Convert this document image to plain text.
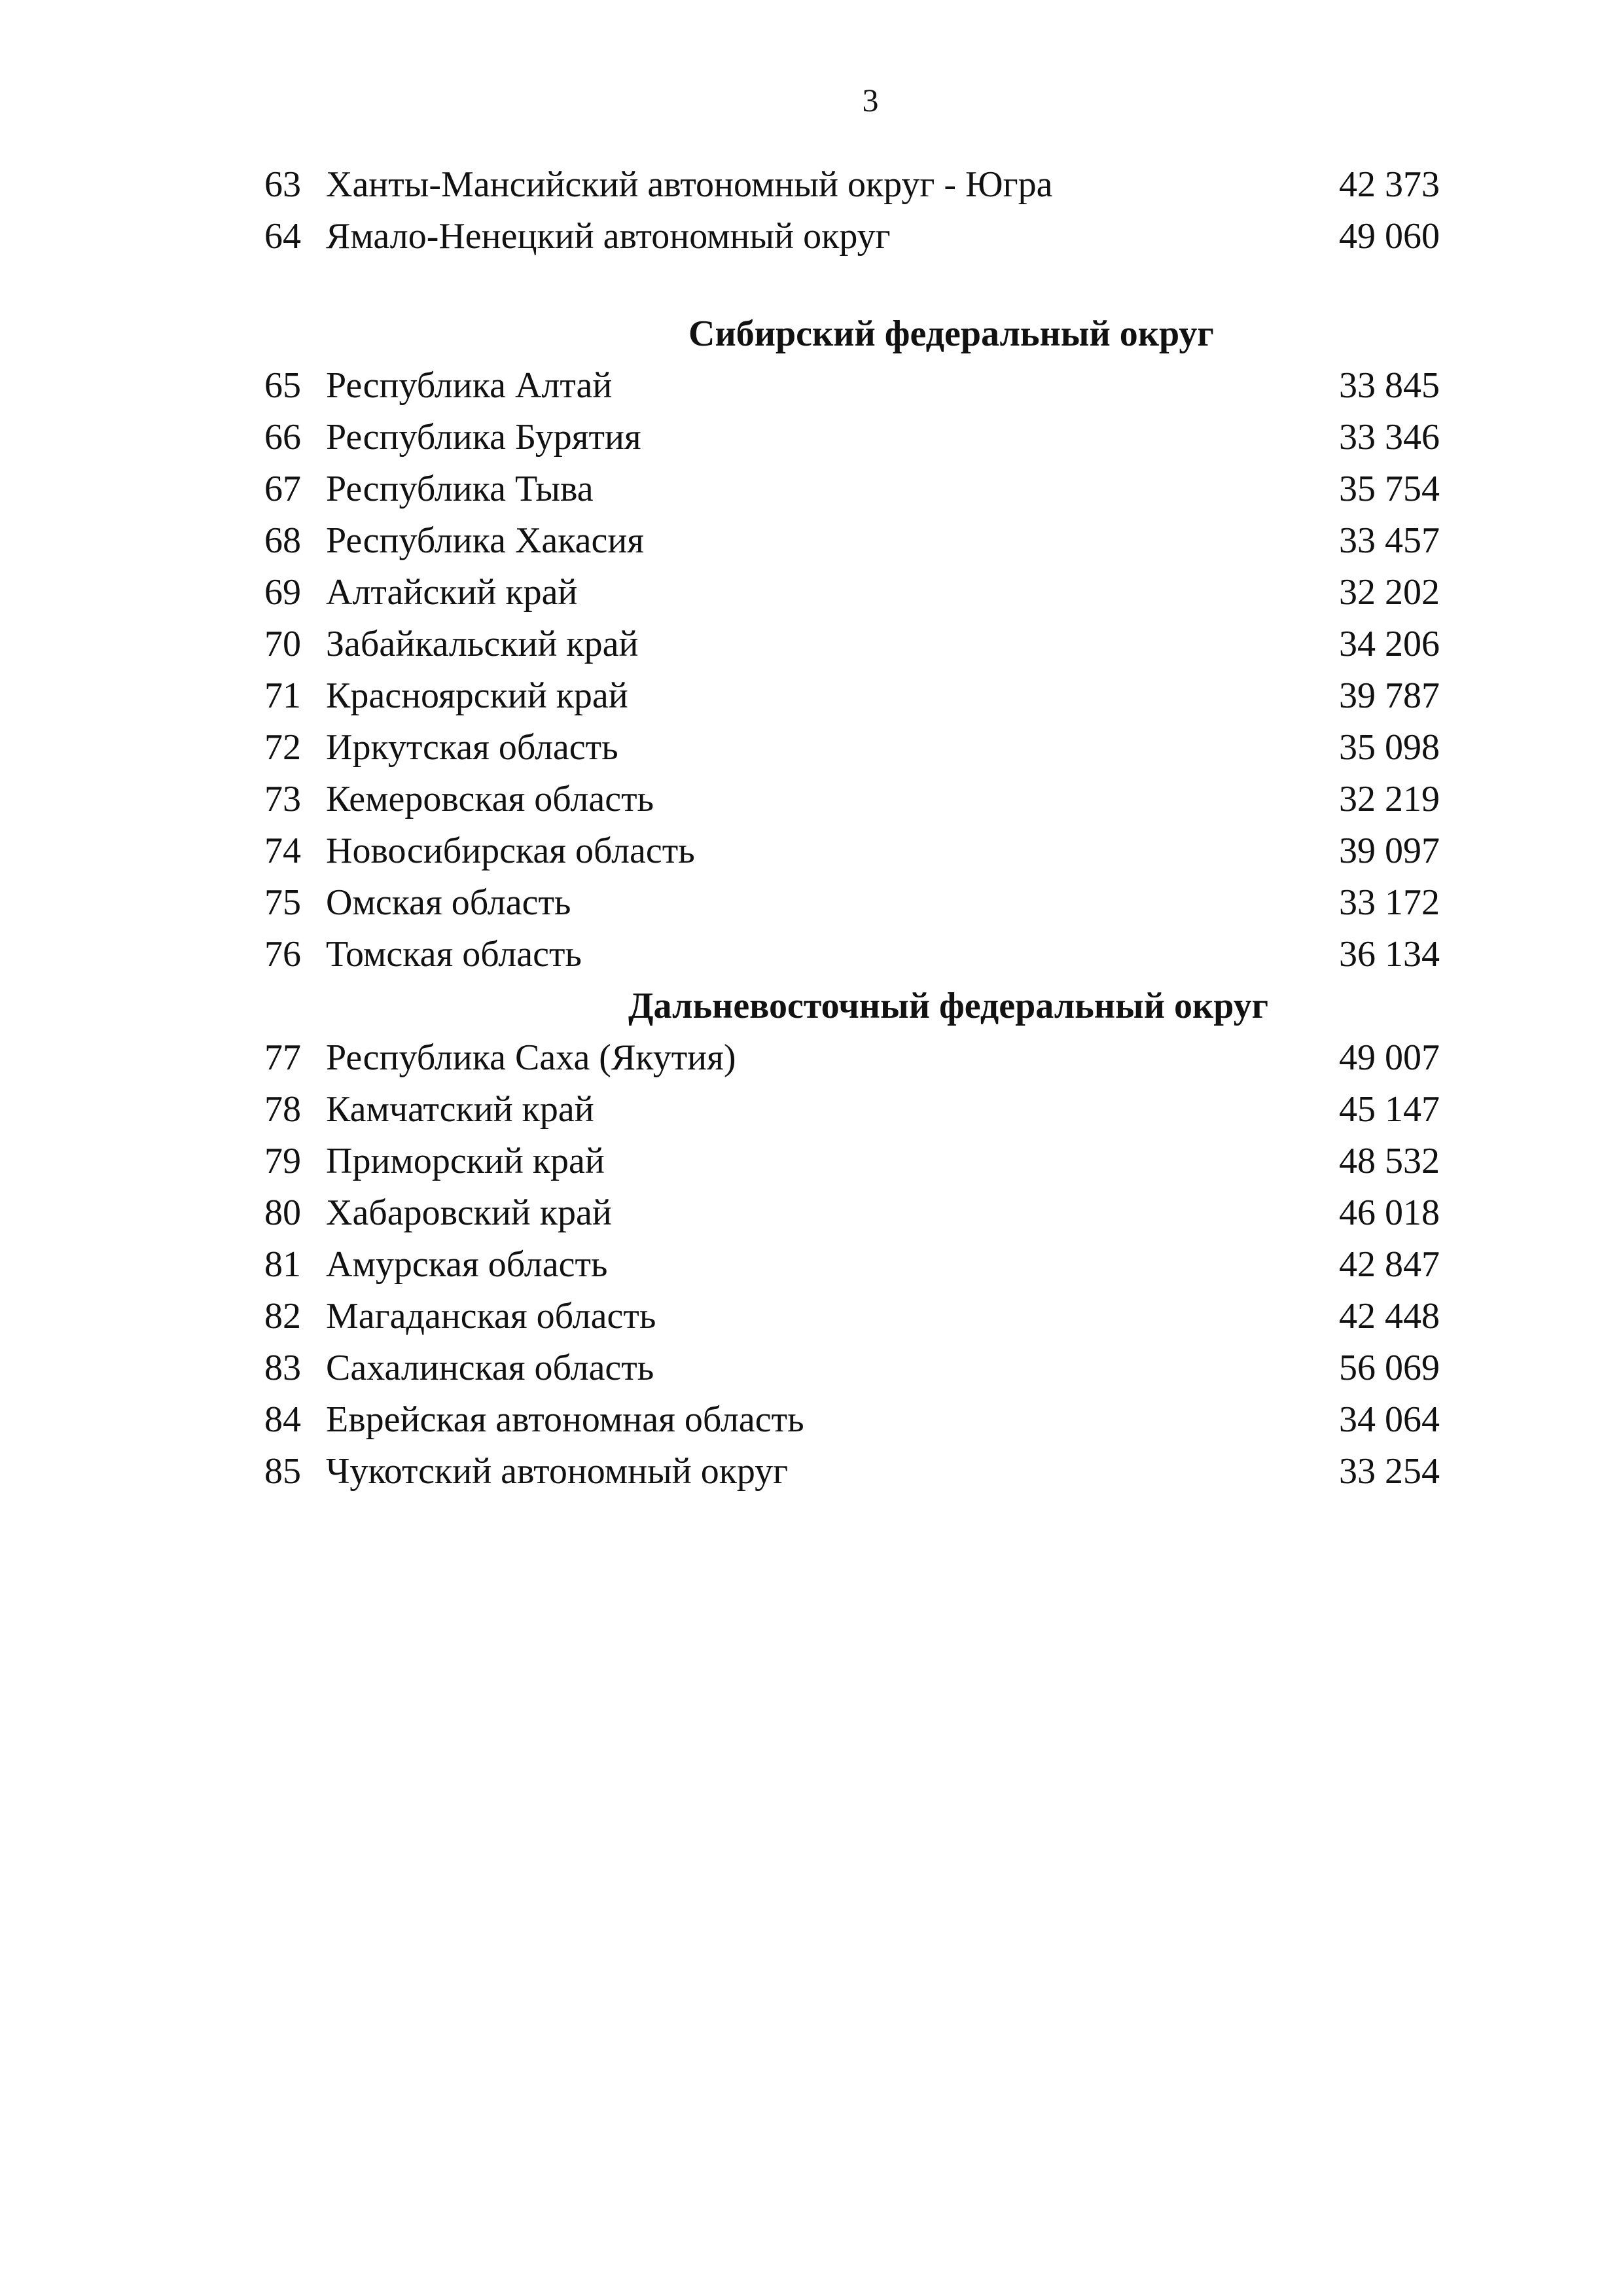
3
63 Ханты-Мансийский автономный округ - Югра	42 373
64 Ямало-Ненецкий автономный округ	49 060
Сибирский федеральный округ
65 Республика Алтай	33 845
66 Республика Бурятия	33 346
67 Республика Тыва	35 754
68 Республика Хакасия	33 457
69 Алтайский край	32 202
70 Забайкальский край	34 206
71 Красноярский край	39 787
72 Иркутская область	35 098
73 Кемеровская область	32 219
74 Новосибирская область	39 097
75 Омская область	33 172
76 Томская область	36 134
Дальневосточный федеральный округ
77 Республика Саха (Якутия)	49 007
78 Камчатский край	45 147
79 Приморский край	48 532
80 Хабаровский край	46 018
81 Амурская область	42 847
82 Магаданская область	42 448
83 Сахалинская область	56 069
84 Еврейская автономная область	34 064
85 Чукотский автономный округ	33 254
